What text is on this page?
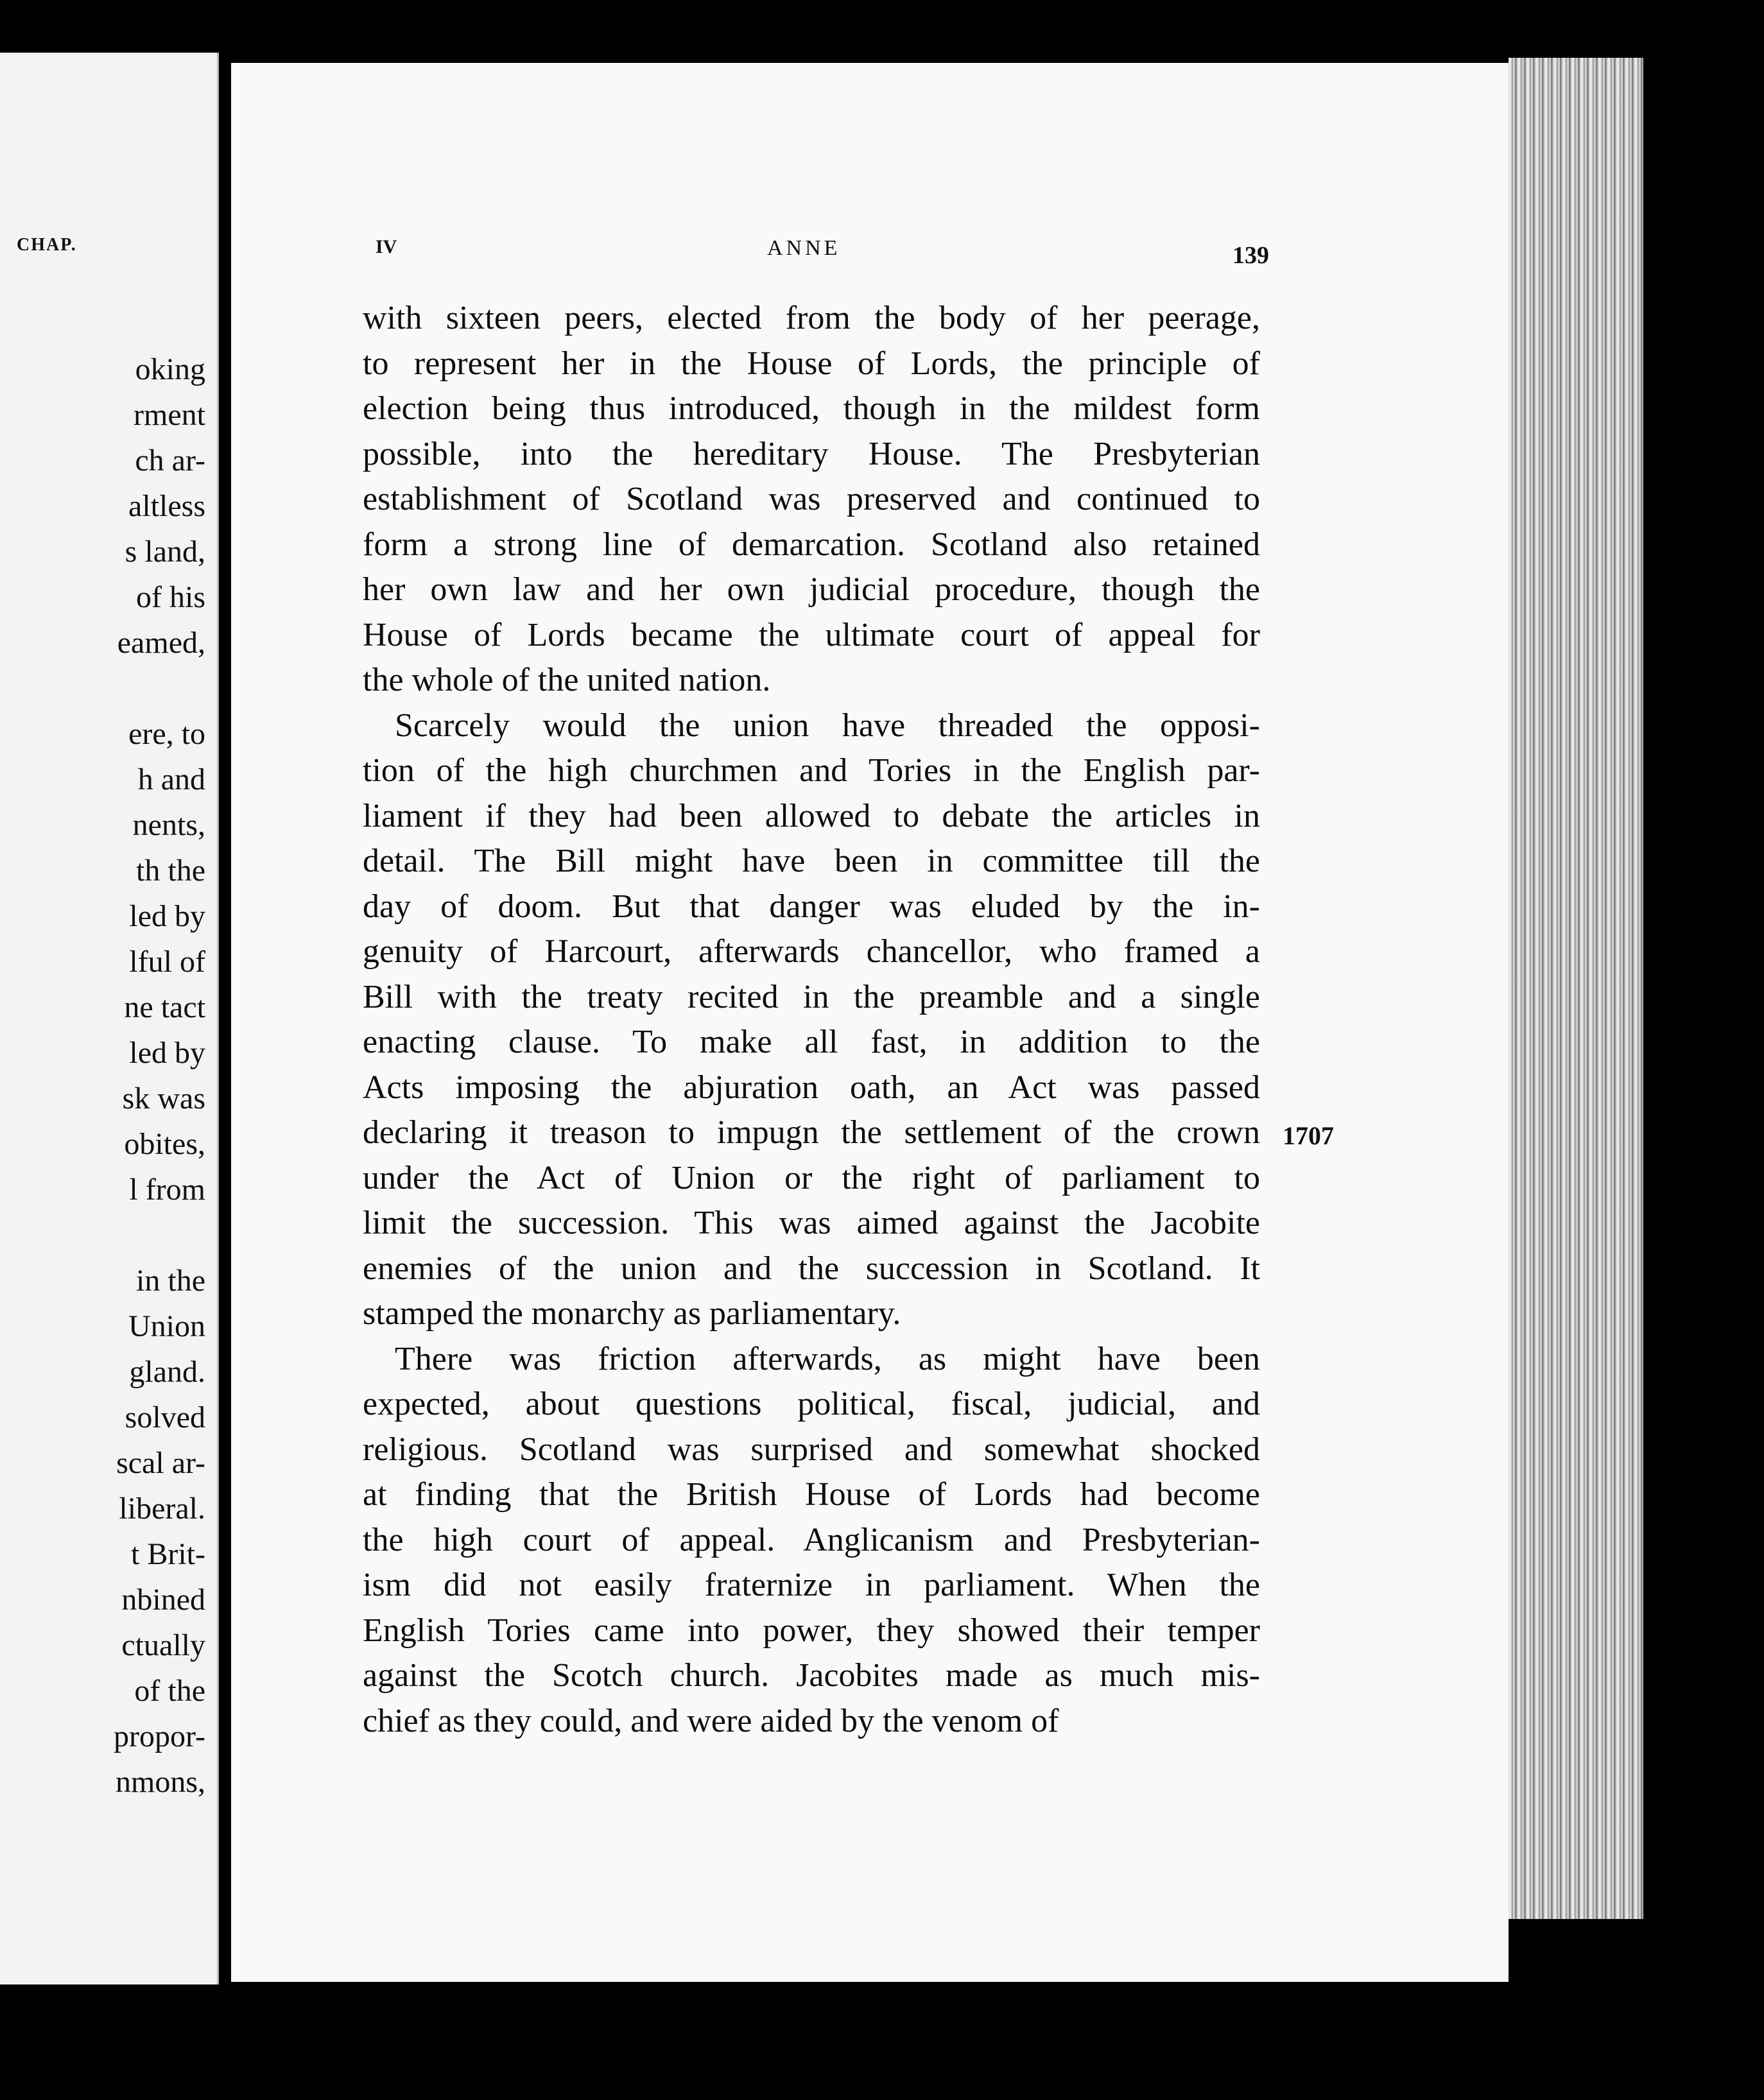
CHAP.
oking
rment
ch ar-
altless
s land,
of his
eamed,
ere, to
h and
nents,
th the
led by
lful of
ne tact
led by
sk was
obites,
l from
in the
Union
gland.
solved
scal ar-
liberal.
t Brit-
nbined
ctually
of the
propor-
nmons,
IV	ANNE	139
with sixteen peers, elected from the body of her peerage,
to represent her in the House of Lords, the principle of
election being thus introduced, though in the mildest form
possible, into the hereditary House. The Presbyterian
establishment of Scotland was preserved and continued to
form a strong line of demarcation. Scotland also retained
her own law and her own judicial procedure, though the
House of Lords became the ultimate court of appeal for
the whole of the united nation.
Scarcely would the union have threaded the opposi-
tion of the high churchmen and Tories in the English par-
liament if they had been allowed to debate the articles in
detail. The Bill might have been in committee till the
day of doom. But that danger was eluded by the in-
genuity of Harcourt, afterwards chancellor, who framed a
Bill with the treaty recited in the preamble and a single
enacting clause. To make all fast, in addition to the
Acts imposing the abjuration oath, an Act was passed
declaring it treason to impugn the settlement of the crown
under the Act of Union or the right of parliament to
limit the succession. This was aimed against the Jacobite
enemies of the union and the succession in Scotland. It
stamped the monarchy as parliamentary.
There was friction afterwards, as might have been
expected, about questions political, fiscal, judicial, and
religious. Scotland was surprised and somewhat shocked
at finding that the British House of Lords had become
the high court of appeal. Anglicanism and Presbyterian-
ism did not easily fraternize in parliament. When the
English Tories came into power, they showed their temper
against the Scotch church. Jacobites made as much mis-
chief as they could, and were aided by the venom of
1707
